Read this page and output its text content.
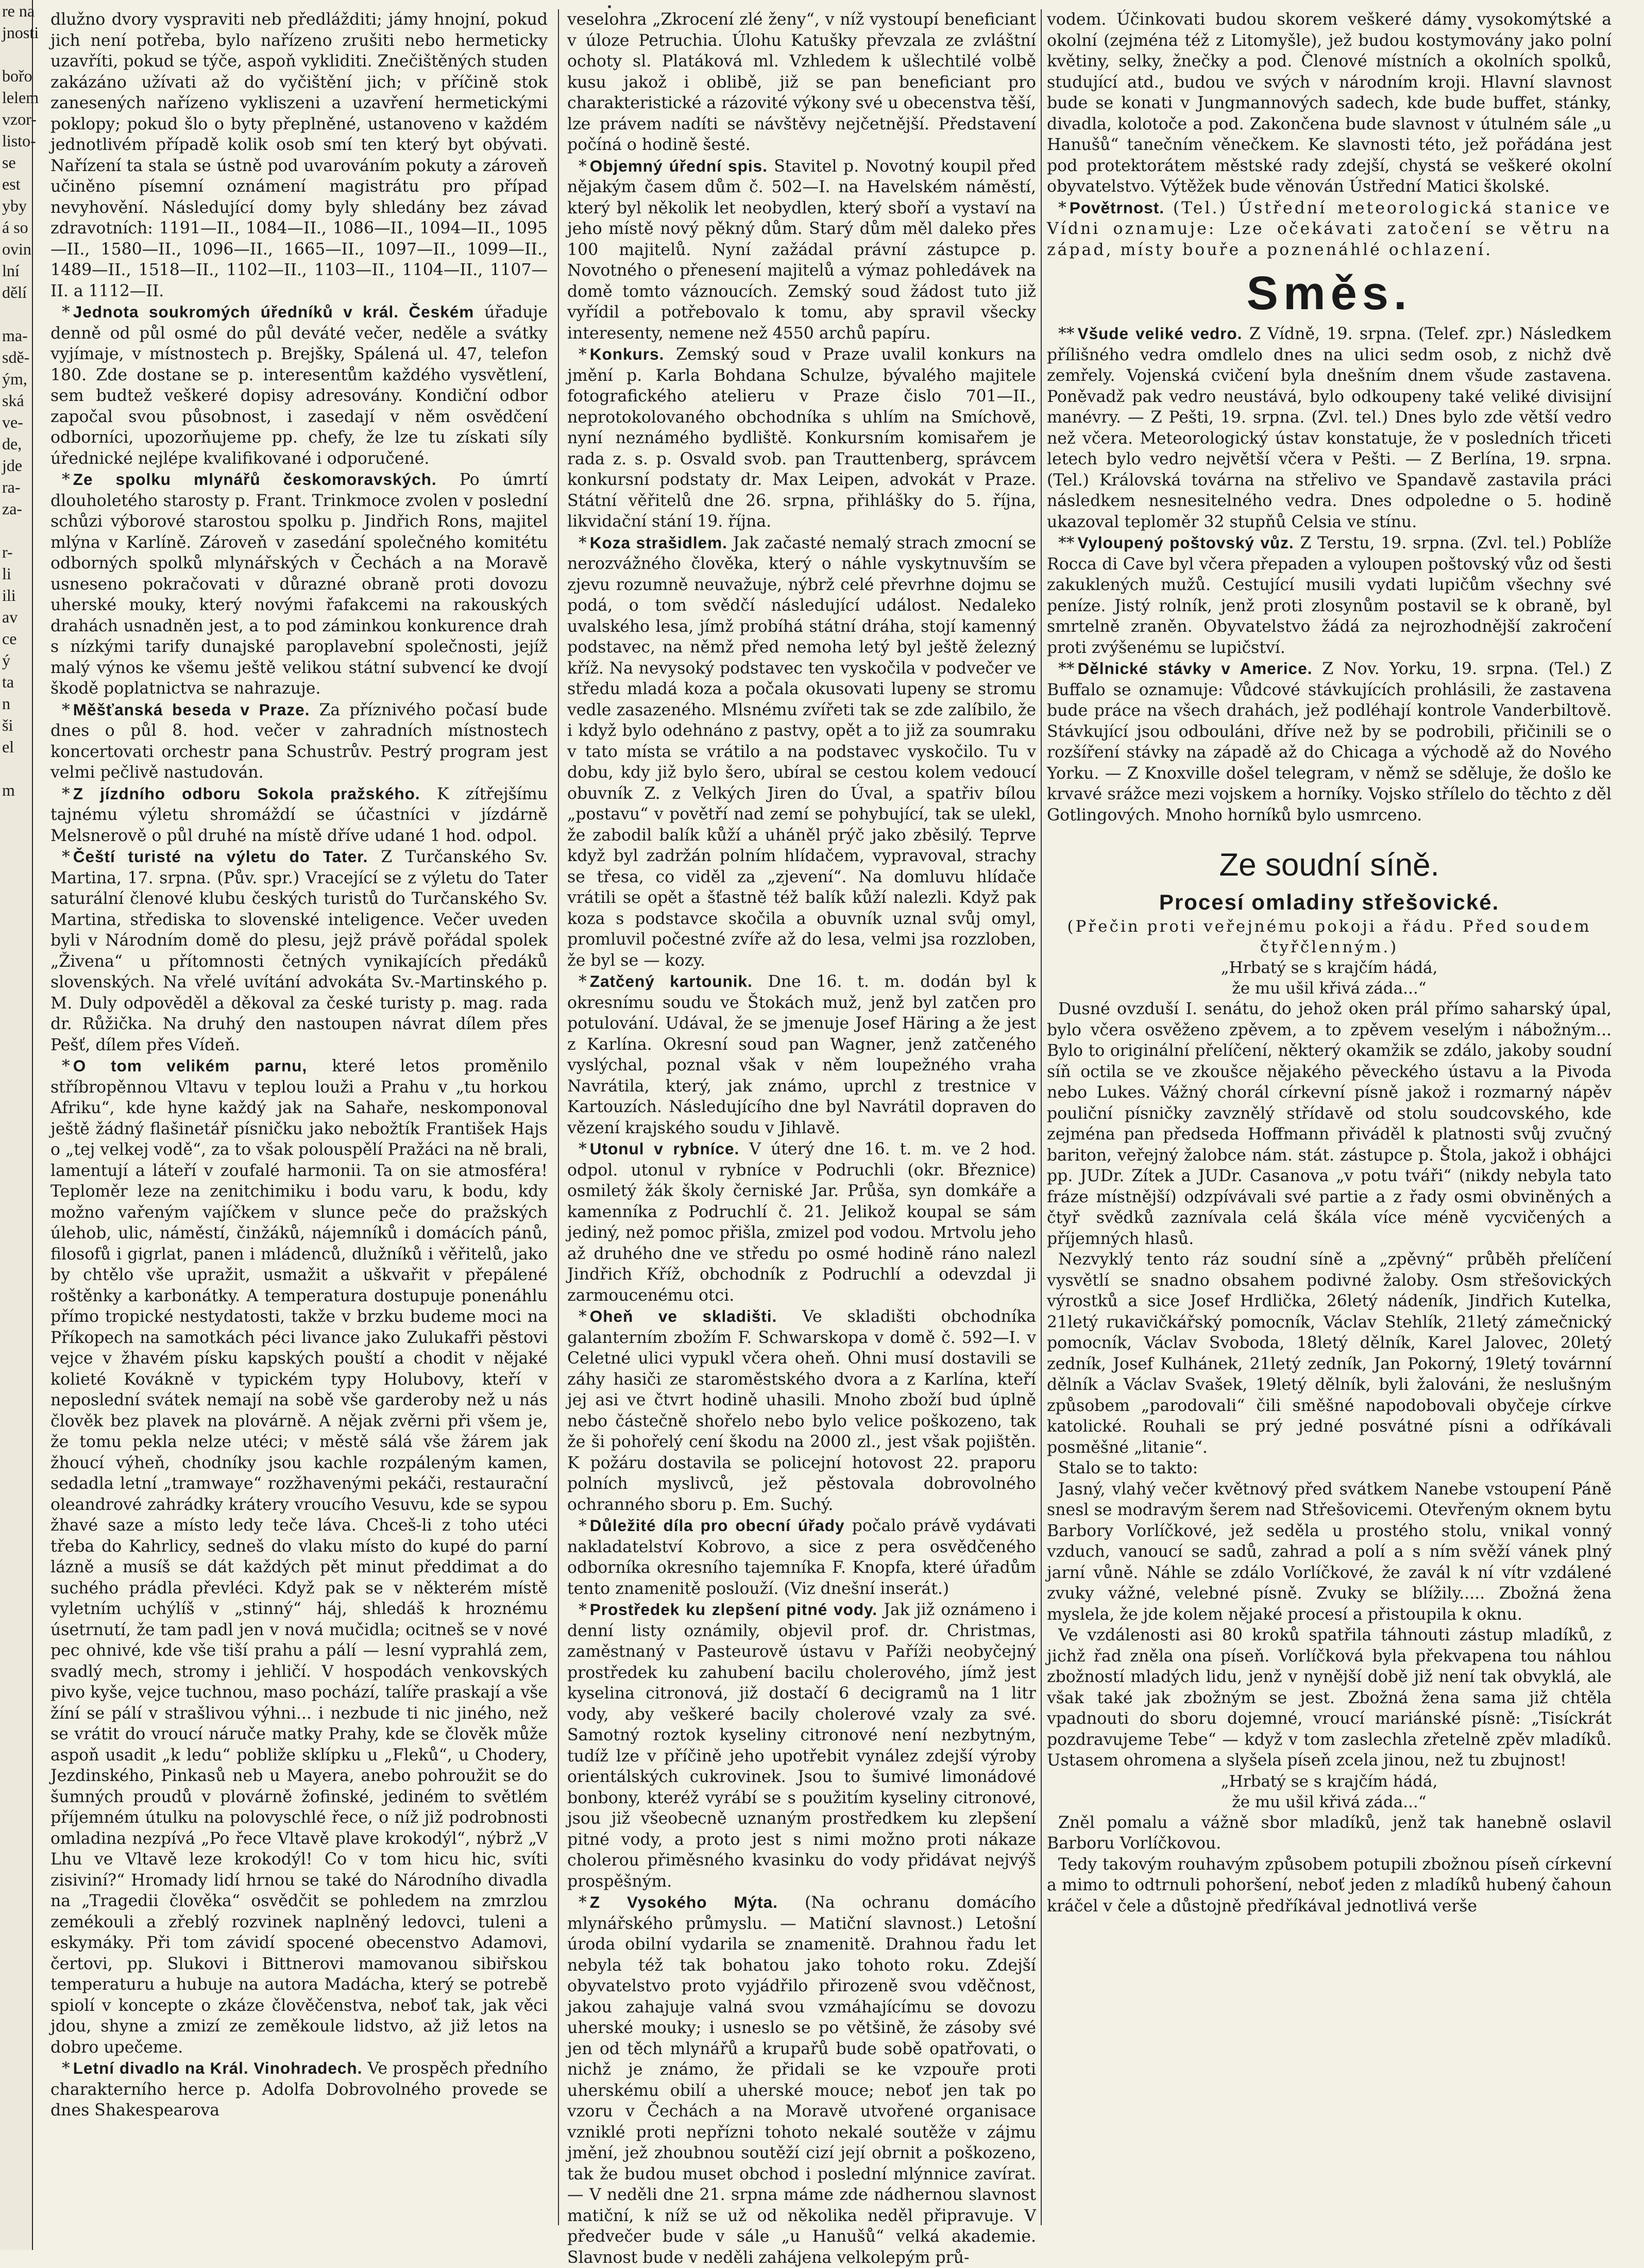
re na
jnosti

bořo
lelem
vzor-
listo-
se
est
yby
á so
ovin
lní
dělí

ma-
sdě-
ým,
ská
ve-
de,
jde
ra-
za-

r-
li
ili
av
ce
ý
ta
n
ši
el

m

dlužno dvory vyspraviti neb předlážditi; jámy hnojní, pokud jich není potřeba, bylo nařízeno zrušiti nebo hermeticky uzavříti, pokud se týče, aspoň vykliditi. Znečištěných studen zakázáno užívati až do vyčištění jich; v příčině stok zanesených nařízeno vykliszeni a uzavření hermetickými poklopy; pokud šlo o byty přeplněné, ustanoveno v každém jednotlivém případě kolik osob smí ten který byt obývati. Nařízení ta stala se ústně pod uvarováním pokuty a zároveň učiněno písemní oznámení magistrátu pro případ nevyhovění. Následující domy byly shledány bez závad zdravotních: 1191—II., 1084—II., 1086—II., 1094—II., 1095—II., 1580—II., 1096—II., 1665—II., 1097—II., 1099—II., 1489—II., 1518—II., 1102—II., 1103—II., 1104—II., 1107—II. a 1112—II.

* Jednota soukromých úředníků v král. Českém úřaduje denně od půl osmé do půl deváté večer, neděle a svátky vyjímaje, v místnostech p. Brejšky, Spálená ul. 47, telefon 180. Zde dostane se p. interesentům každého vysvětlení, sem budtež veškeré dopisy adresovány. Kondiční odbor započal svou působnost, i zasedají v něm osvědčení odborníci, upozorňujeme pp. chefy, že lze tu získati síly úřednické nejlépe kvalifikované i odporučené.

* Ze spolku mlynářů českomoravských. Po úmrtí dlouholetého starosty p. Frant. Trinkmoce zvolen v poslední schůzi výborové starostou spolku p. Jindřich Rons, majitel mlýna v Karlíně. Zároveň v zasedání společného komitétu odborných spolků mlynářských v Čechách a na Moravě usneseno pokračovati v důrazné obraně proti dovozu uherské mouky, který novými řafakcemi na rakouských drahách usnadněn jest, a to pod záminkou konkurence drah s nízkými tarify dunajské paroplavební společnosti, jejíž malý výnos ke všemu ještě velikou státní subvencí ke dvojí škodě poplatnictva se nahrazuje.

* Měšťanská beseda v Praze. Za příznivého počasí bude dnes o půl 8. hod. večer v zahradních místnostech koncertovati orchestr pana Schustrův. Pestrý program jest velmi pečlivě nastudován.

* Z jízdního odboru Sokola pražského. K zítřejšímu tajnému výletu shromáždí se účastníci v jízdárně Melsnerově o půl druhé na místě dříve udané 1 hod. odpol.

* Čeští turisté na výletu do Tater. Z Turčanského Sv. Martina, 17. srpna. (Pův. spr.) Vracející se z výletu do Tater saturální členové klubu českých turistů do Turčanského Sv. Martina, střediska to slovenské inteligence. Večer uveden byli v Národním domě do plesu, jejž právě pořádal spolek „Živena“ u přítomnosti četných vynikajících předáků slovenských. Na vřelé uvítání advokáta Sv.-Martinského p. M. Duly odpověděl a děkoval za české turisty p. mag. rada dr. Růžička. Na druhý den nastoupen návrat dílem přes Pešť, dílem přes Vídeň.

* O tom velikém parnu, které letos proměnilo stříbropěnnou Vltavu v teplou louži a Prahu v „tu horkou Afriku“, kde hyne každý jak na Sahaře, neskomponoval ještě žádný flašinetář písničku jako nebožtík František Hajs o „tej velkej vodě“, za to však polouspělí Pražáci na ně brali, lamentují a láteří v zoufalé harmonii. Ta on sie atmosféra! Teploměr leze na zenitchimiku i bodu varu, k bodu, kdy možno vařeným vajíčkem v slunce peče do pražských úlehob, ulic, náměstí, činžáků, nájemníků i domácích pánů, filosofů i gigrlat, panen i mládenců, dlužníků i věřitelů, jako by chtělo vše upražit, usmažit a uškvařit v přepálené roštěnky a karbonátky. A temperatura dostupuje ponenáhlu přímo tropické nestydatosti, takže v brzku budeme moci na Příkopech na samotkách péci livance jako Zulukafři pěstovi vejce v žhavém písku kapských pouští a chodit v nějaké kolieté Kovákně v typickém typy Holubovy, kteří v neposlední svátek nemají na sobě vše garderoby než u nás člověk bez plavek na plovárně. A nějak zvěrni při všem je, že tomu pekla nelze utéci; v městě sálá vše žárem jak žhoucí výheň, chodníky jsou kachle rozpáleným kamen, sedadla letní „tramwaye“ rozžhavenými pekáči, restaurační oleandrové zahrádky krátery vroucího Vesuvu, kde se sypou žhavé saze a místo ledy teče láva. Chceš-li z toho utéci třeba do Kahrlicy, sedneš do vlaku místo do kupé do parní lázně a musíš se dát každých pět minut předdimat a do suchého prádla převléci. Když pak se v některém místě vyletním uchýlíš v „stinný“ háj, shledáš k hroznému úsetrnutí, že tam padl jen v nová mučidla; ocitneš se v nové pec ohnivé, kde vše tiší prahu a pálí — lesní vyprahlá zem, svadlý mech, stromy i jehličí. V hospodách venkovských pivo kyše, vejce tuchnou, maso pochází, talíře praskají a vše žíní se pálí v strašlivou výhni... i nezbude ti nic jiného, než se vrátit do vroucí náruče matky Prahy, kde se člověk může aspoň usadit „k ledu“ pobliže sklípku u „Fleků“, u Chodery, Jezdinského, Pinkasů neb u Mayera, anebo pohroužit se do šumných proudů v plovárně žofinské, jediném to světlém příjemném útulku na polovyschlé řece, o níž již podrobnosti omladina nezpívá „Po řece Vltavě plave krokodýl“, nýbrž „V Lhu ve Vltavě leze krokodýl! Co v tom hicu hic, svíti zisiviní?“ Hromady lidí hrnou se také do Národního divadla na „Tragedii člověka“ osvědčit se pohledem na zmrzlou zemékouli a zřeblý rozvinek naplněný ledovci, tuleni a eskymáky. Při tom závidí spocené obecenstvo Adamovi, čertovi, pp. Slukovi i Bittnerovi mamovanou sibiřskou temperaturu a hubuje na autora Madácha, který se potrebě spiolí v koncepte o zkáze člověčenstva, neboť tak, jak věci jdou, shyne a zmizí ze zeměkoule lidstvo, až již letos na dobro upečeme.

* Letní divadlo na Král. Vinohradech. Ve prospěch předního charakterního herce p. Adolfa Dobrovolného provede se dnes Shakespearova

veselohra „Zkrocení zlé ženy“, v níž vystoupí beneficiant v úloze Petruchia. Úlohu Katušky převzala ze zvláštní ochoty sl. Platáková ml. Vzhledem k ušlechtilé volbě kusu jakož i oblibě, již se pan beneficiant pro charakteristické a rázovité výkony své u obecenstva těší, lze právem nadíti se návštěvy nejčetnější. Představení počíná o hodině šesté.

* Objemný úřední spis. Stavitel p. Novotný koupil před nějakým časem dům č. 502—I. na Havelském náměstí, který byl několik let neobydlen, který sboří a vystaví na jeho místě nový pěkný dům. Starý dům měl daleko přes 100 majitelů. Nyní zažádal právní zástupce p. Novotného o přenesení majitelů a výmaz pohledávek na domě tomto váznoucích. Zemský soud žádost tuto již vyřídil a potřebovalo k tomu, aby spravil všecky interesenty, nemene než 4550 archů papíru.

* Konkurs. Zemský soud v Praze uvalil konkurs na jmění p. Karla Bohdana Schulze, bývalého majitele fotografického atelieru v Praze čislo 701—II., neprotokolovaného obchodníka s uhlím na Smíchově, nyní neznámého bydliště. Konkursním komisařem je rada z. s. p. Osvald svob. pan Trauttenberg, správcem konkursní podstaty dr. Max Leipen, advokát v Praze. Státní věřitelů dne 26. srpna, přihlášky do 5. října, likvidační stání 19. října.

* Koza strašidlem. Jak začasté nemalý strach zmocní se nerozvážného člověka, který o náhle vyskytnuvším se zjevu rozumně neuvažuje, nýbrž celé převrhne dojmu se podá, o tom svědčí následující událost. Nedaleko uvalského lesa, jímž probíhá státní dráha, stojí kamenný podstavec, na němž před nemoha letý byl ještě železný kříž. Na nevysoký podstavec ten vyskočila v podvečer ve středu mladá koza a počala okusovati lupeny se stromu vedle zasazeného. Mlsnému zvířeti tak se zde zalíbilo, že i když bylo odehnáno z pastvy, opět a to již za soumraku v tato místa se vrátilo a na podstavec vyskočilo. Tu v dobu, kdy již bylo šero, ubíral se cestou kolem vedoucí obuvník Z. z Velkých Jiren do Úval, a spatřiv bílou „postavu“ v povětří nad zemí se pohybující, tak se ulekl, že zabodil balík kůží a uháněl prýč jako zběsilý. Teprve když byl zadržán polním hlídačem, vypravoval, strachy se třesa, co viděl za „zjevení“. Na domluvu hlídače vrátili se opět a šťastně též balík kůží nalezli. Když pak koza s podstavce skočila a obuvník uznal svůj omyl, promluvil počestné zvíře až do lesa, velmi jsa rozzloben, že byl se — kozy.

* Zatčený kartounik. Dne 16. t. m. dodán byl k okresnímu soudu ve Štokách muž, jenž byl zatčen pro potulování. Udával, že se jmenuje Josef Häring a že jest z Karlína. Okresní soud pan Wagner, jenž zatčeného vyslýchal, poznal však v něm loupežného vraha Navrátila, který, jak známo, uprchl z trestnice v Kartouzích. Následujícího dne byl Navrátil dopraven do vězení krajského soudu v Jihlavě.

* Utonul v rybníce. V úterý dne 16. t. m. ve 2 hod. odpol. utonul v rybníce v Podruchli (okr. Březnice) osmiletý žák školy černiské Jar. Průša, syn domkáře a kamenníka z Podruchlí č. 21. Jelikož koupal se sám jediný, než pomoc přišla, zmizel pod vodou. Mrtvolu jeho až druhého dne ve středu po osmé hodině ráno nalezl Jindřich Kříž, obchodník z Podruchlí a odevzdal ji zarmoucenému otci.

* Oheň ve skladišti. Ve skladišti obchodníka galanterním zbožím F. Schwarskopa v domě č. 592—I. v Celetné ulici vypukl včera oheň. Ohni musí dostavili se záhy hasiči ze staroměstského dvora a z Karlína, kteří jej asi ve čtvrt hodině uhasili. Mnoho zboží bud úplně nebo částečně shořelo nebo bylo velice poškozeno, tak že ši pohořelý cení škodu na 2000 zl., jest však pojištěn. K požáru dostavila se policejní hotovost 22. praporu polních myslivců, jež pěstovala dobrovolného ochranného sboru p. Em. Suchý.

* Důležité díla pro obecní úřady počalo právě vydávati nakladatelství Kobrovo, a sice z pera osvědčeného odborníka okresního tajemníka F. Knopfa, které úřadům tento znamenitě poslouží. (Viz dnešní inserát.)

* Prostředek ku zlepšení pitné vody. Jak již oznámeno i denní listy oznámily, objevil prof. dr. Christmas, zaměstnaný v Pasteurově ústavu v Paříži neobyčejný prostředek ku zahubení bacilu cholerového, jímž jest kyselina citronová, již dostačí 6 decigramů na 1 litr vody, aby veškeré bacily cholerové vzaly za své. Samotný roztok kyseliny citronové není nezbytným, tudíž lze v příčině jeho upotřebit vynález zdejší výroby orientálských cukrovinek. Jsou to šumivé limonádové bonbony, kteréž vyrábí se s použitím kyseliny citronové, jsou již všeobecně uznaným prostředkem ku zlepšení pitné vody, a proto jest s nimi možno proti nákaze cholerou přiměsného kvasinku do vody přidávat nejvýš prospěšným.

* Z Vysokého Mýta. (Na ochranu domácího mlynářského průmyslu. — Matiční slavnost.) Letošní úroda obilní vydarila se znamenitě. Drahnou řadu let nebyla též tak bohatou jako tohoto roku. Zdejší obyvatelstvo proto vyjádřilo přirozeně svou vděčnost, jakou zahajuje valná svou vzmáhajícímu se dovozu uherské mouky; i usneslo se po většině, že zásoby své jen od těch mlynářů a krupařů bude sobě opatřovati, o nichž je známo, že přidali se ke vzpouře proti uherskému obilí a uherské mouce; neboť jen tak po vzoru v Čechách a na Moravě utvořené organisace vzniklé proti nepřízni tohoto nekalé soutěže v zájmu jmění, jež zhoubnou soutěží cizí její obrnit a poškozeno, tak že budou muset obchod i poslední mlýnnice zavírat. — V neděli dne 21. srpna máme zde nádhernou slavnost matiční, k níž se už od několika neděl připravuje. V předvečer bude v sále „u Hanušů“ velká akademie. Slavnost bude v neděli zahájena velkolepým prů-

vodem. Účinkovati budou skorem veškeré dámy vysokomýtské a okolní (zejména též z Litomyšle), jež budou kostymovány jako polní květiny, selky, žnečky a pod. Členové místních a okolních spolků, studující atd., budou ve svých v národním kroji. Hlavní slavnost bude se konati v Jungmannových sadech, kde bude buffet, stánky, divadla, kolotoče a pod. Zakončena bude slavnost v útulném sále „u Hanušů“ tanečním věnečkem. Ke slavnosti této, jež pořádána jest pod protektorátem městské rady zdejší, chystá se veškeré okolní obyvatelstvo. Výtěžek bude věnován Ústřední Matici školské.

* Povětrnost. (Tel.) Ústřední meteorologická stanice ve Vídni oznamuje: Lze očekávati zatočení se větru na západ, místy bouře a poznenáhlé ochlazení.

Směs.

** Všude veliké vedro. Z Vídně, 19. srpna. (Telef. zpr.) Následkem přílišného vedra omdlelo dnes na ulici sedm osob, z nichž dvě zemřely. Vojenská cvičení byla dnešním dnem všude zastavena. Poněvadž pak vedro neustává, bylo odkoupeny také veliké divisijní manévry. — Z Pešti, 19. srpna. (Zvl. tel.) Dnes bylo zde větší vedro než včera. Meteorologický ústav konstatuje, že v posledních třiceti letech bylo vedro největší včera v Pešti. — Z Berlína, 19. srpna. (Tel.) Královská továrna na střelivo ve Spandavě zastavila práci následkem nesnesitelného vedra. Dnes odpoledne o 5. hodině ukazoval teploměr 32 stupňů Celsia ve stínu.

** Vyloupený poštovský vůz. Z Terstu, 19. srpna. (Zvl. tel.) Poblíže Rocca di Cave byl včera přepaden a vyloupen poštovský vůz od šesti zakuklených mužů. Cestující musili vydati lupičům všechny své peníze. Jistý rolník, jenž proti zlosynům postavil se k obraně, byl smrtelně zraněn. Obyvatelstvo žádá za nejrozhodnější zakročení proti zvýšenému se lupičství.

** Dělnické stávky v Americe. Z Nov. Yorku, 19. srpna. (Tel.) Z Buffalo se oznamuje: Vůdcové stávkujících prohlásili, že zastavena bude práce na všech drahách, jež podléhají kontrole Vanderbiltově. Stávkující jsou odbouláni, dříve než by se podrobili, přičinili se o rozšíření stávky na západě až do Chicaga a východě až do Nového Yorku. — Z Knoxville došel telegram, v němž se sděluje, že došlo ke krvavé srážce mezi vojskem a horníky. Vojsko střílelo do těchto z děl Gotlingových. Mnoho horníků bylo usmrceno.

Ze soudní síně.
Procesí omladiny střešovické.
(Přečin proti veřejnému pokoji a řádu. Před soudem čtyřčlenným.)

„Hrbatý se s krajčím hádá,

že mu ušil křivá záda...“

Dusné ovzduší I. senátu, do jehož oken prál přímo saharský úpal, bylo včera osvěženo zpěvem, a to zpěvem veselým i nábožným... Bylo to originální přelíčení, některý okamžik se zdálo, jakoby soudní síň octila se ve zkoušce nějakého pěveckého ústavu a la Pivoda nebo Lukes. Vážný chorál církevní písně jakož i rozmarný nápěv pouliční písničky zavznělý střídavě od stolu soudcovského, kde zejména pan předseda Hoffmann přiváděl k platnosti svůj zvučný bariton, veřejný žalobce nám. stát. zástupce p. Štola, jakož i obhájci pp. JUDr. Zítek a JUDr. Casanova „v potu tváři“ (nikdy nebyla tato fráze místnější) odzpívávali své partie a z řady osmi obviněných a čtyř svědků zaznívala celá škála více méně vycvičených a příjemných hlasů.

Nezvyklý tento ráz soudní síně a „zpěvný“ průběh přelíčení vysvětlí se snadno obsahem podivné žaloby. Osm střešovických výrostků a sice Josef Hrdlička, 26letý nádeník, Jindřich Kutelka, 21letý rukavičkářský pomocník, Václav Stehlík, 21letý zámečnický pomocník, Václav Svoboda, 18letý dělník, Karel Jalovec, 20letý zedník, Josef Kulhánek, 21letý zedník, Jan Pokorný, 19letý továrnní dělník a Václav Svašek, 19letý dělník, byli žalováni, že neslušným způsobem „parodovali“ čili směšné napodobovali obyčeje církve katolické. Rouhali se prý jedné posvátné písni a odříkávali posměšné „litanie“.

Stalo se to takto:

Jasný, vlahý večer květnový před svátkem Nanebe vstoupení Páně snesl se modravým šerem nad Střešovicemi. Otevřeným oknem bytu Barbory Vorlíčkové, jež seděla u prostého stolu, vnikal vonný vzduch, vanoucí se sadů, zahrad a polí a s ním svěží vánek plný jarní vůně. Náhle se zdálo Vorlíčkové, že zavál k ní vítr vzdálené zvuky vážné, velebné písně. Zvuky se blížily..... Zbožná žena myslela, že jde kolem nějaké procesí a přistoupila k oknu.

Ve vzdálenosti asi 80 kroků spatřila táhnouti zástup mladíků, z jichž řad zněla ona píseň. Vorlíčková byla překvapena tou náhlou zbožností mladých lidu, jenž v nynější době již není tak obvyklá, ale však také jak zbožným se jest. Zbožná žena sama již chtěla vpadnouti do sboru dojemné, vroucí mariánské písně: „Tisíckrát pozdravujeme Tebe“ — když v tom zaslechla zřetelně zpěv mladíků. Ustasem ohromena a slyšela píseň zcela jinou, než tu zbujnost!

„Hrbatý se s krajčím hádá,

že mu ušil křivá záda...“

Zněl pomalu a vážně sbor mladíků, jenž tak hanebně oslavil Barboru Vorlíčkovou.

Tedy takovým rouhavým způsobem potupili zbožnou píseň církevní a mimo to odtrnuli pohoršení, neboť jeden z mladíků hubený čahoun kráčel v čele a důstojně předříkával jednotlivá verše
